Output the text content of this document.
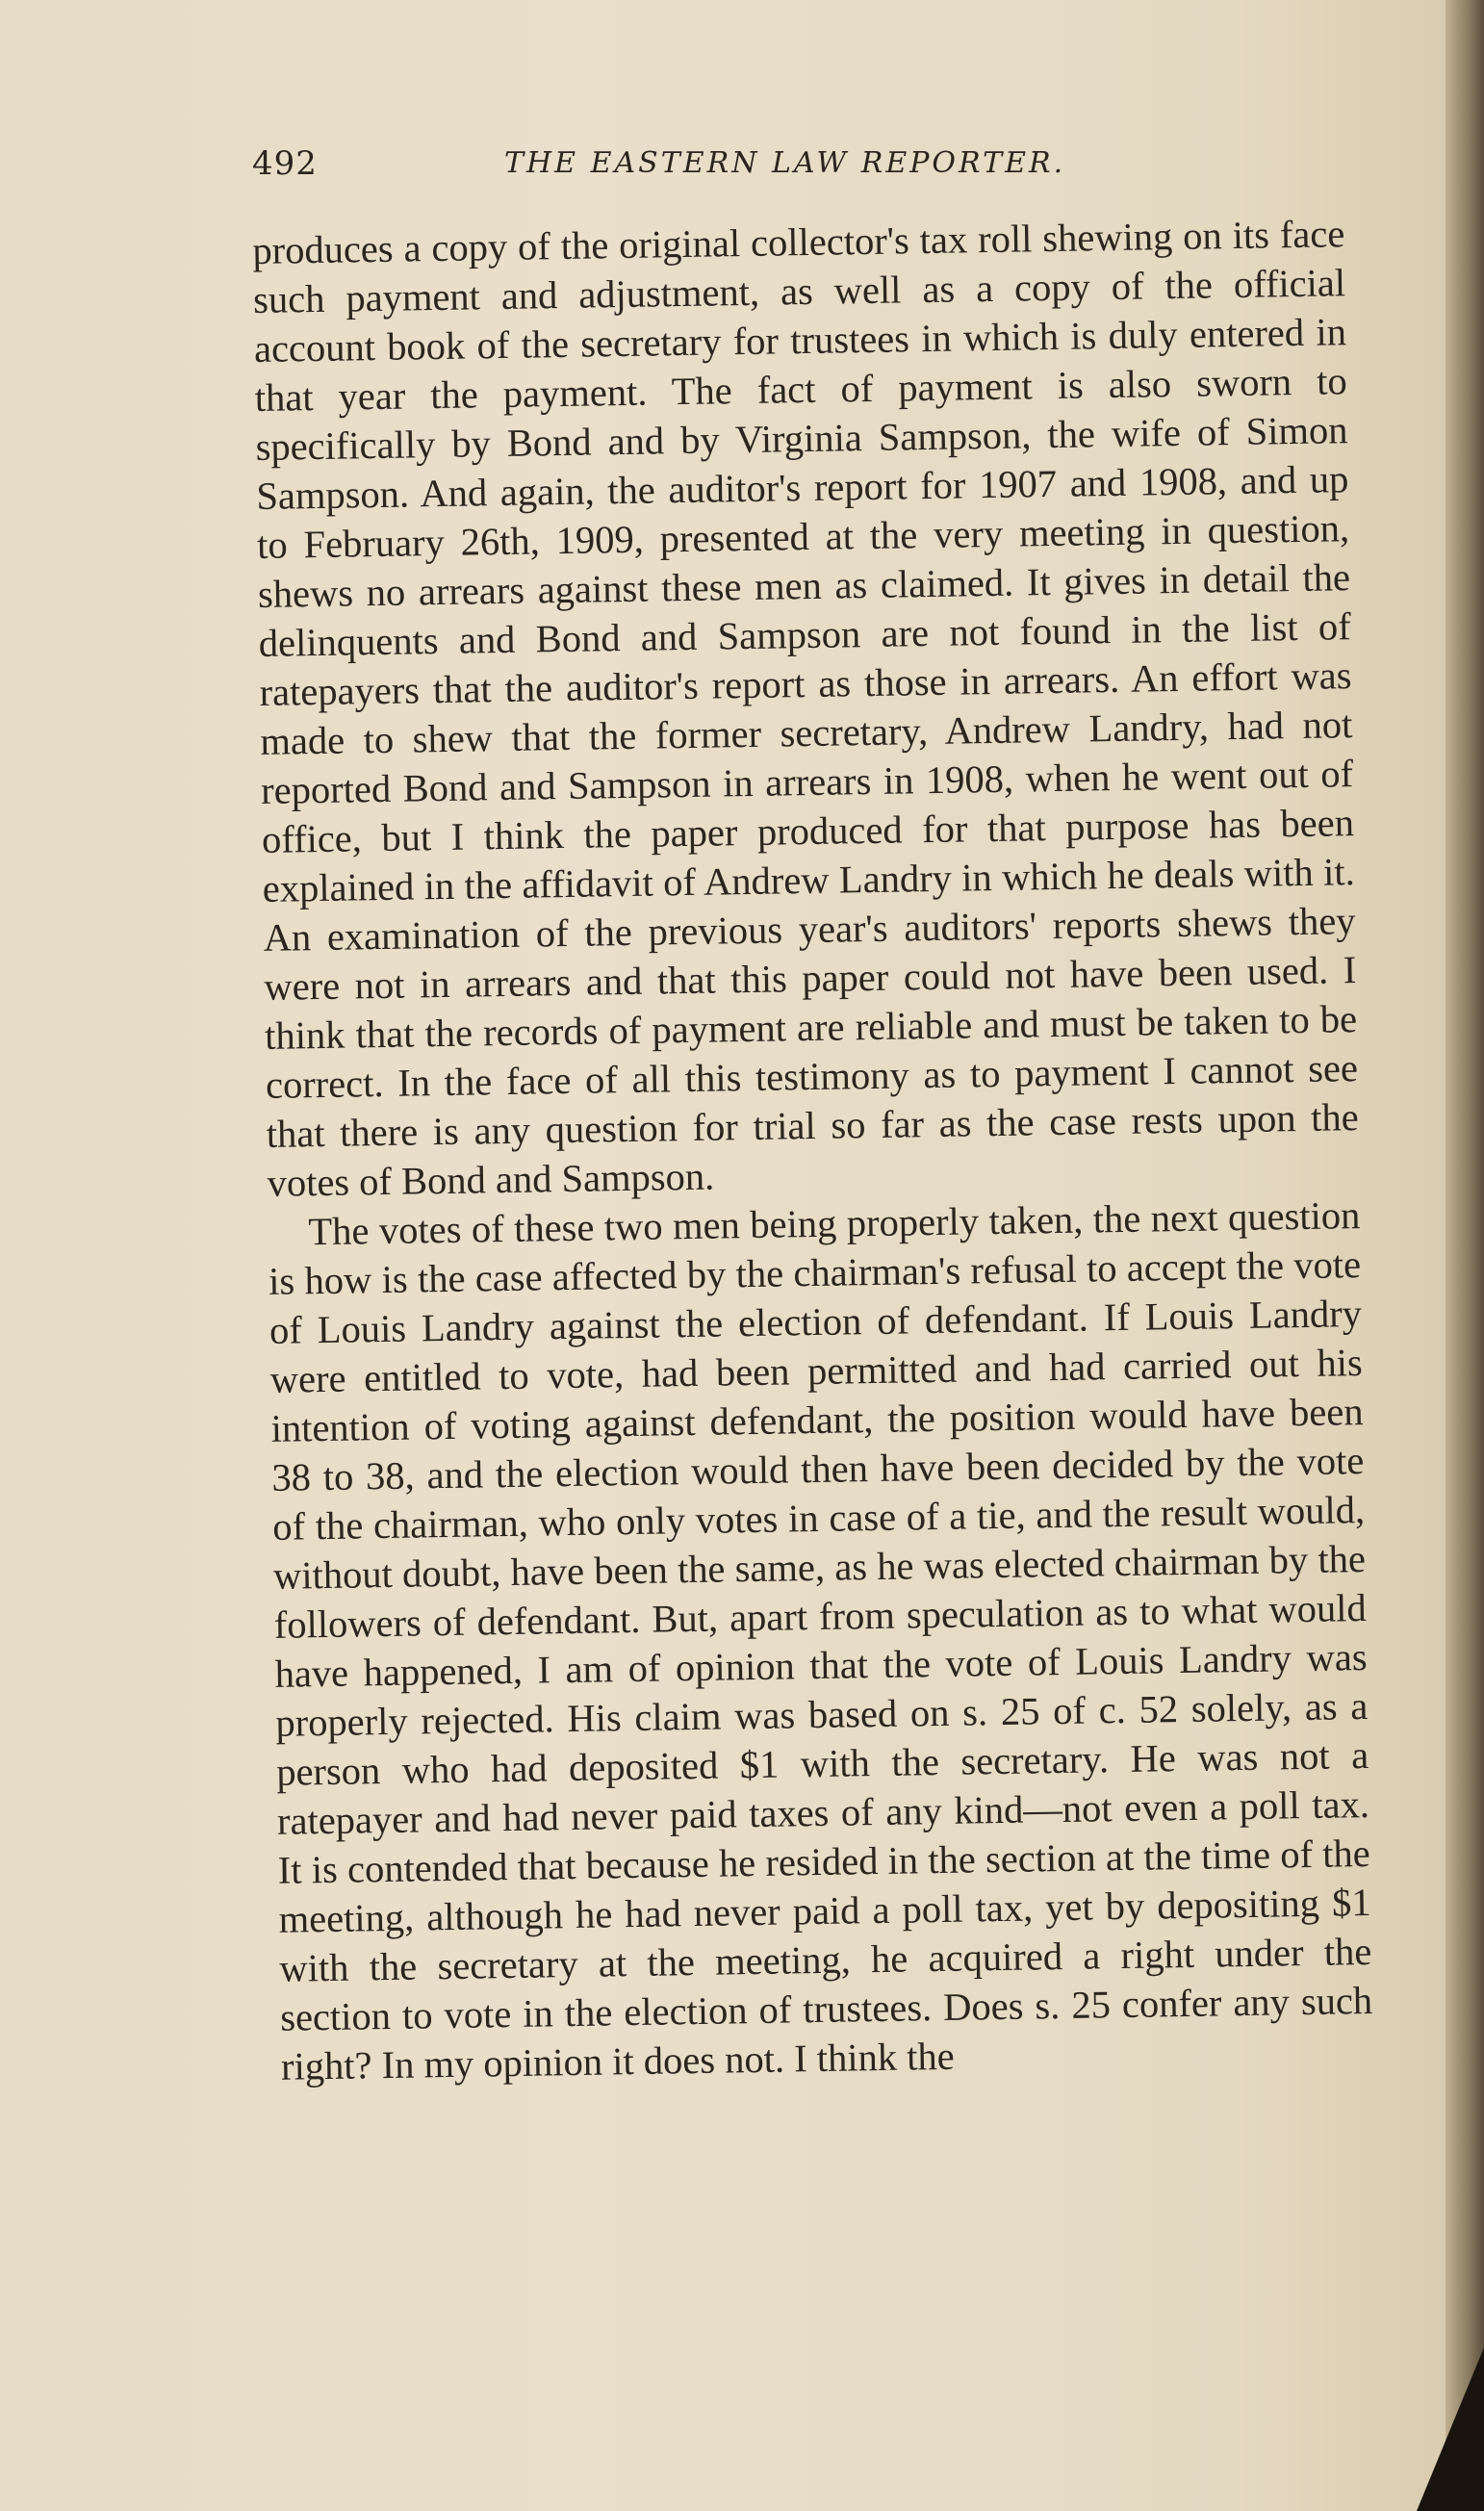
492	THE EASTERN LAW REPORTER.

produces a copy of the original collector's tax roll shewing on its face such payment and adjustment, as well as a copy of the official account book of the secretary for trustees in which is duly entered in that year the payment. The fact of payment is also sworn to specifically by Bond and by Virginia Sampson, the wife of Simon Sampson. And again, the auditor's report for 1907 and 1908, and up to February 26th, 1909, presented at the very meeting in question, shews no arrears against these men as claimed. It gives in detail the delinquents and Bond and Sampson are not found in the list of ratepayers that the auditor's report as those in arrears. An effort was made to shew that the former secretary, Andrew Landry, had not reported Bond and Sampson in arrears in 1908, when he went out of office, but I think the paper produced for that purpose has been explained in the affidavit of Andrew Landry in which he deals with it. An examination of the previous year's auditors' reports shews they were not in arrears and that this paper could not have been used. I think that the records of payment are reliable and must be taken to be correct. In the face of all this testimony as to payment I cannot see that there is any question for trial so far as the case rests upon the votes of Bond and Sampson.

The votes of these two men being properly taken, the next question is how is the case affected by the chairman's refusal to accept the vote of Louis Landry against the election of defendant. If Louis Landry were entitled to vote, had been permitted and had carried out his intention of voting against defendant, the position would have been 38 to 38, and the election would then have been decided by the vote of the chairman, who only votes in case of a tie, and the result would, without doubt, have been the same, as he was elected chairman by the followers of defendant. But, apart from speculation as to what would have happened, I am of opinion that the vote of Louis Landry was properly rejected. His claim was based on s. 25 of c. 52 solely, as a person who had deposited $1 with the secretary. He was not a ratepayer and had never paid taxes of any kind—not even a poll tax. It is contended that because he resided in the section at the time of the meeting, although he had never paid a poll tax, yet by depositing $1 with the secretary at the meeting, he acquired a right under the section to vote in the election of trustees. Does s. 25 confer any such right? In my opinion it does not. I think the
